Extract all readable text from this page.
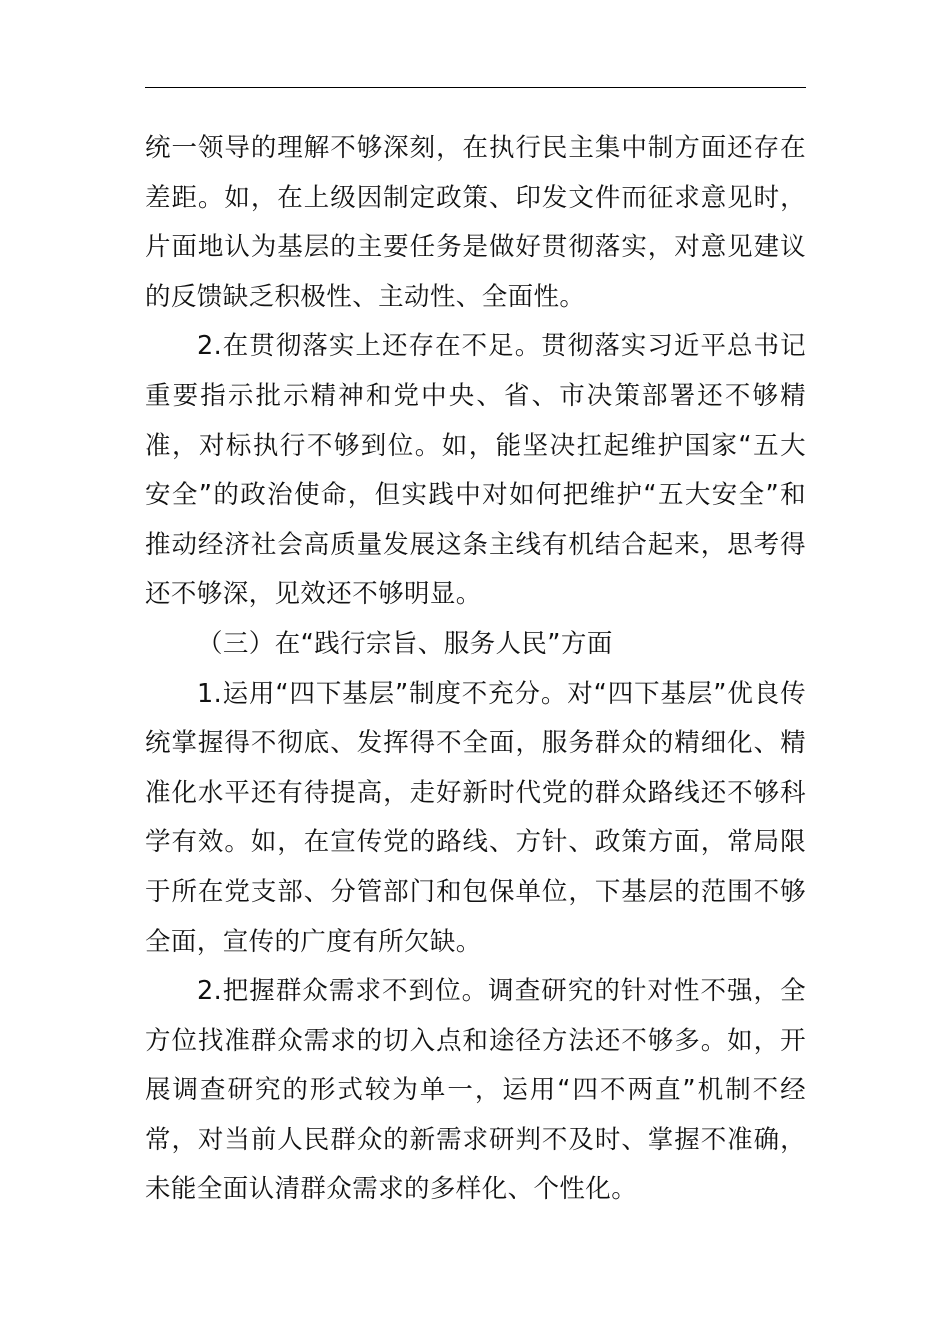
统一领导的理解不够深刻，在执行民主集中制方面还存在差距。如，在上级因制定政策、印发文件而征求意见时，片面地认为基层的主要任务是做好贯彻落实，对意见建议的反馈缺乏积极性、主动性、全面性。

2.在贯彻落实上还存在不足。贯彻落实习近平总书记重要指示批示精神和党中央、省、市决策部署还不够精准，对标执行不够到位。如，能坚决扛起维护国家“五大安全”的政治使命，但实践中对如何把维护“五大安全”和推动经济社会高质量发展这条主线有机结合起来，思考得还不够深，见效还不够明显。

（三）在“践行宗旨、服务人民”方面

1.运用“四下基层”制度不充分。对“四下基层”优良传统掌握得不彻底、发挥得不全面，服务群众的精细化、精准化水平还有待提高，走好新时代党的群众路线还不够科学有效。如，在宣传党的路线、方针、政策方面，常局限于所在党支部、分管部门和包保单位，下基层的范围不够全面，宣传的广度有所欠缺。

2.把握群众需求不到位。调查研究的针对性不强，全方位找准群众需求的切入点和途径方法还不够多。如，开展调查研究的形式较为单一，运用“四不两直”机制不经常，对当前人民群众的新需求研判不及时、掌握不准确，未能全面认清群众需求的多样化、个性化。
